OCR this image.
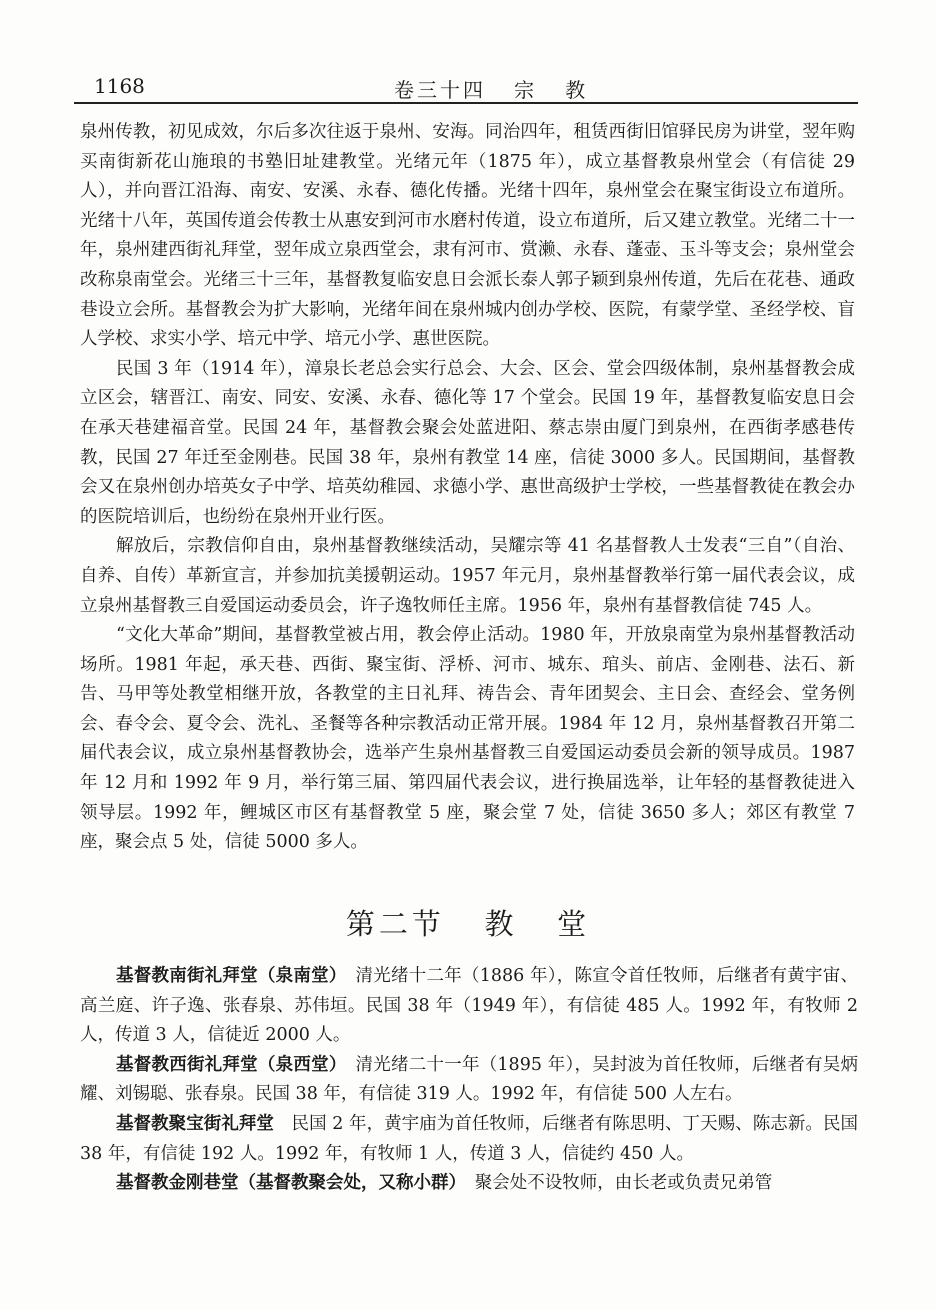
1168	卷三十四   宗   教

泉州传教，初见成效，尔后多次往返于泉州、安海。同治四年，租赁西街旧馆驿民房为讲堂，翌年购买南街新花山施琅的书塾旧址建教堂。光绪元年（1875 年），成立基督教泉州堂会（有信徒 29 人），并向晋江沿海、南安、安溪、永春、德化传播。光绪十四年，泉州堂会在聚宝街设立布道所。光绪十八年，英国传道会传教士从惠安到河市水磨村传道，设立布道所，后又建立教堂。光绪二十一年，泉州建西街礼拜堂，翌年成立泉西堂会，隶有河市、赏濑、永春、蓬壶、玉斗等支会；泉州堂会改称泉南堂会。光绪三十三年，基督教复临安息日会派长泰人郭子颖到泉州传道，先后在花巷、通政巷设立会所。基督教会为扩大影响，光绪年间在泉州城内创办学校、医院，有蒙学堂、圣经学校、盲人学校、求实小学、培元中学、培元小学、惠世医院。

民国 3 年（1914 年），漳泉长老总会实行总会、大会、区会、堂会四级体制，泉州基督教会成立区会，辖晋江、南安、同安、安溪、永春、德化等 17 个堂会。民国 19 年，基督教复临安息日会在承天巷建福音堂。民国 24 年，基督教会聚会处蓝进阳、蔡志崇由厦门到泉州，在西街孝感巷传教，民国 27 年迁至金刚巷。民国 38 年，泉州有教堂 14 座，信徒 3000 多人。民国期间，基督教会又在泉州创办培英女子中学、培英幼稚园、求德小学、惠世高级护士学校，一些基督教徒在教会办的医院培训后，也纷纷在泉州开业行医。

解放后，宗教信仰自由，泉州基督教继续活动，吴耀宗等 41 名基督教人士发表“三自”（自治、自养、自传）革新宣言，并参加抗美援朝运动。1957 年元月，泉州基督教举行第一届代表会议，成立泉州基督教三自爱国运动委员会，许子逸牧师任主席。1956 年，泉州有基督教信徒 745 人。

“文化大革命”期间，基督教堂被占用，教会停止活动。1980 年，开放泉南堂为泉州基督教活动场所。1981 年起，承天巷、西街、聚宝街、浮桥、河市、城东、琯头、前店、金刚巷、法石、新告、马甲等处教堂相继开放，各教堂的主日礼拜、祷告会、青年团契会、主日会、查经会、堂务例会、春令会、夏令会、洗礼、圣餐等各种宗教活动正常开展。1984 年 12 月，泉州基督教召开第二届代表会议，成立泉州基督教协会，选举产生泉州基督教三自爱国运动委员会新的领导成员。1987 年 12 月和 1992 年 9 月，举行第三届、第四届代表会议，进行换届选举，让年轻的基督教徒进入领导层。1992 年，鲤城区市区有基督教堂 5 座，聚会堂 7 处，信徒 3650 多人；郊区有教堂 7 座，聚会点 5 处，信徒 5000 多人。

第二节   教   堂

基督教南街礼拜堂（泉南堂）　清光绪十二年（1886 年），陈宣令首任牧师，后继者有黄宇宙、高兰庭、许子逸、张春泉、苏伟垣。民国 38 年（1949 年），有信徒 485 人。1992 年，有牧师 2 人，传道 3 人，信徒近 2000 人。

基督教西街礼拜堂（泉西堂）　清光绪二十一年（1895 年），吴封波为首任牧师，后继者有吴炳耀、刘锡聪、张春泉。民国 38 年，有信徒 319 人。1992 年，有信徒 500 人左右。

基督教聚宝街礼拜堂　民国 2 年，黄宇庙为首任牧师，后继者有陈思明、丁天赐、陈志新。民国 38 年，有信徒 192 人。1992 年，有牧师 1 人，传道 3 人，信徒约 450 人。

基督教金刚巷堂（基督教聚会处，又称小群）　聚会处不设牧师，由长老或负责兄弟管
